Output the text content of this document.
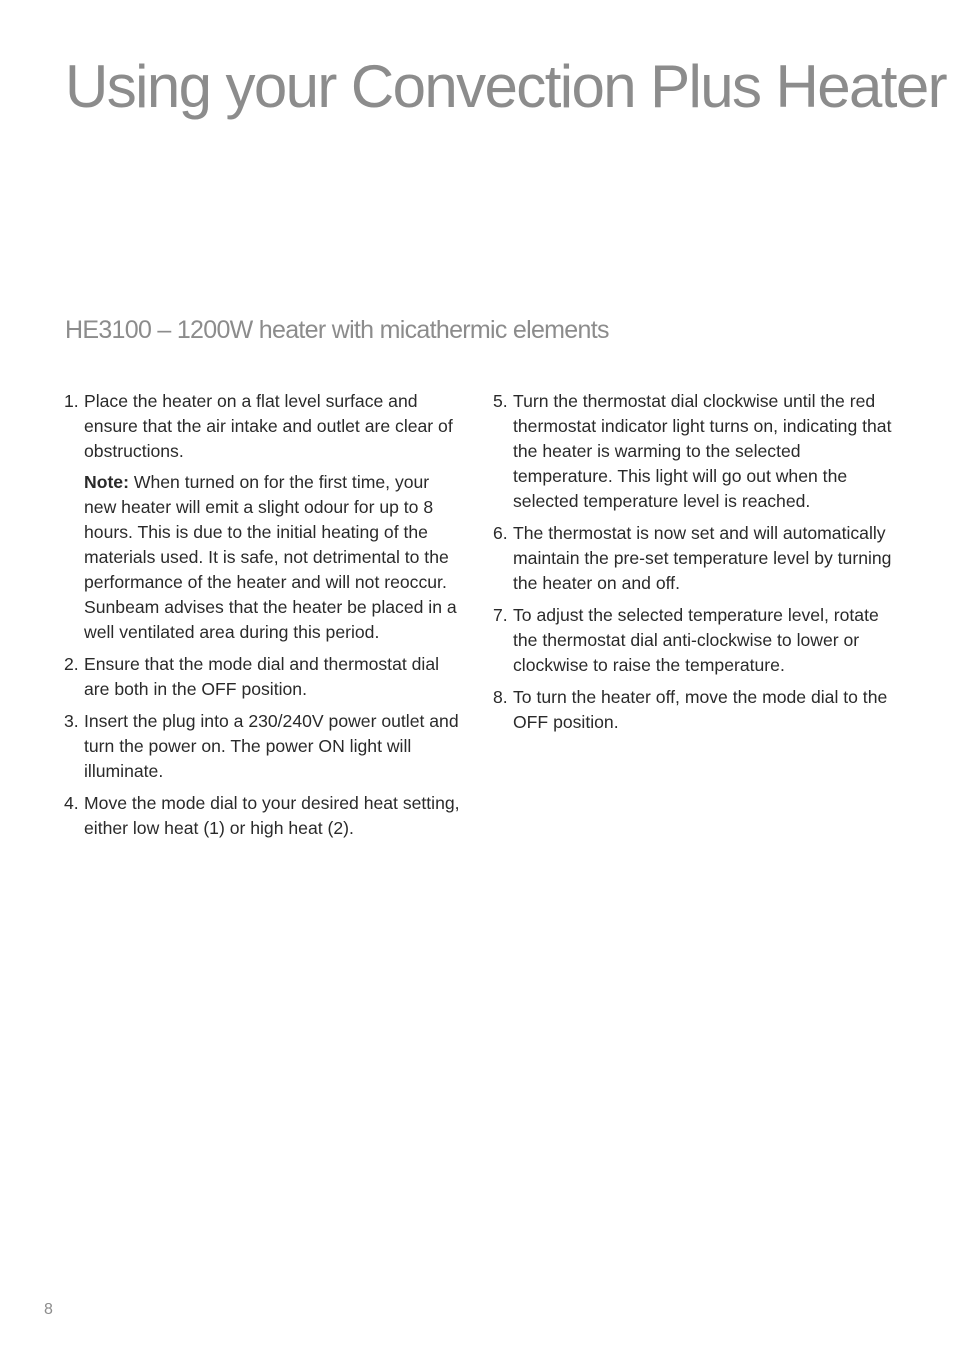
Using your Convection Plus Heater
HE3100 – 1200W heater with micathermic elements
1. Place the heater on a flat level surface and ensure that the air intake and outlet are clear of obstructions.
Note: When turned on for the first time, your new heater will emit a slight odour for up to 8 hours. This is due to the initial heating of the materials used. It is safe, not detrimental to the performance of the heater and will not reoccur. Sunbeam advises that the heater be placed in a well ventilated area during this period.
2. Ensure that the mode dial and thermostat dial are both in the OFF position.
3. Insert the plug into a 230/240V power outlet and turn the power on. The power ON light will illuminate.
4. Move the mode dial to your desired heat setting, either low heat (1) or high heat (2).
5. Turn the thermostat dial clockwise until the red thermostat indicator light turns on, indicating that the heater is warming to the selected temperature. This light will go out when the selected temperature level is reached.
6. The thermostat is now set and will automatically maintain the pre-set temperature level by turning the heater on and off.
7. To adjust the selected temperature level, rotate the thermostat dial anti-clockwise to lower or clockwise to raise the temperature.
8. To turn the heater off, move the mode dial to the OFF position.
8
